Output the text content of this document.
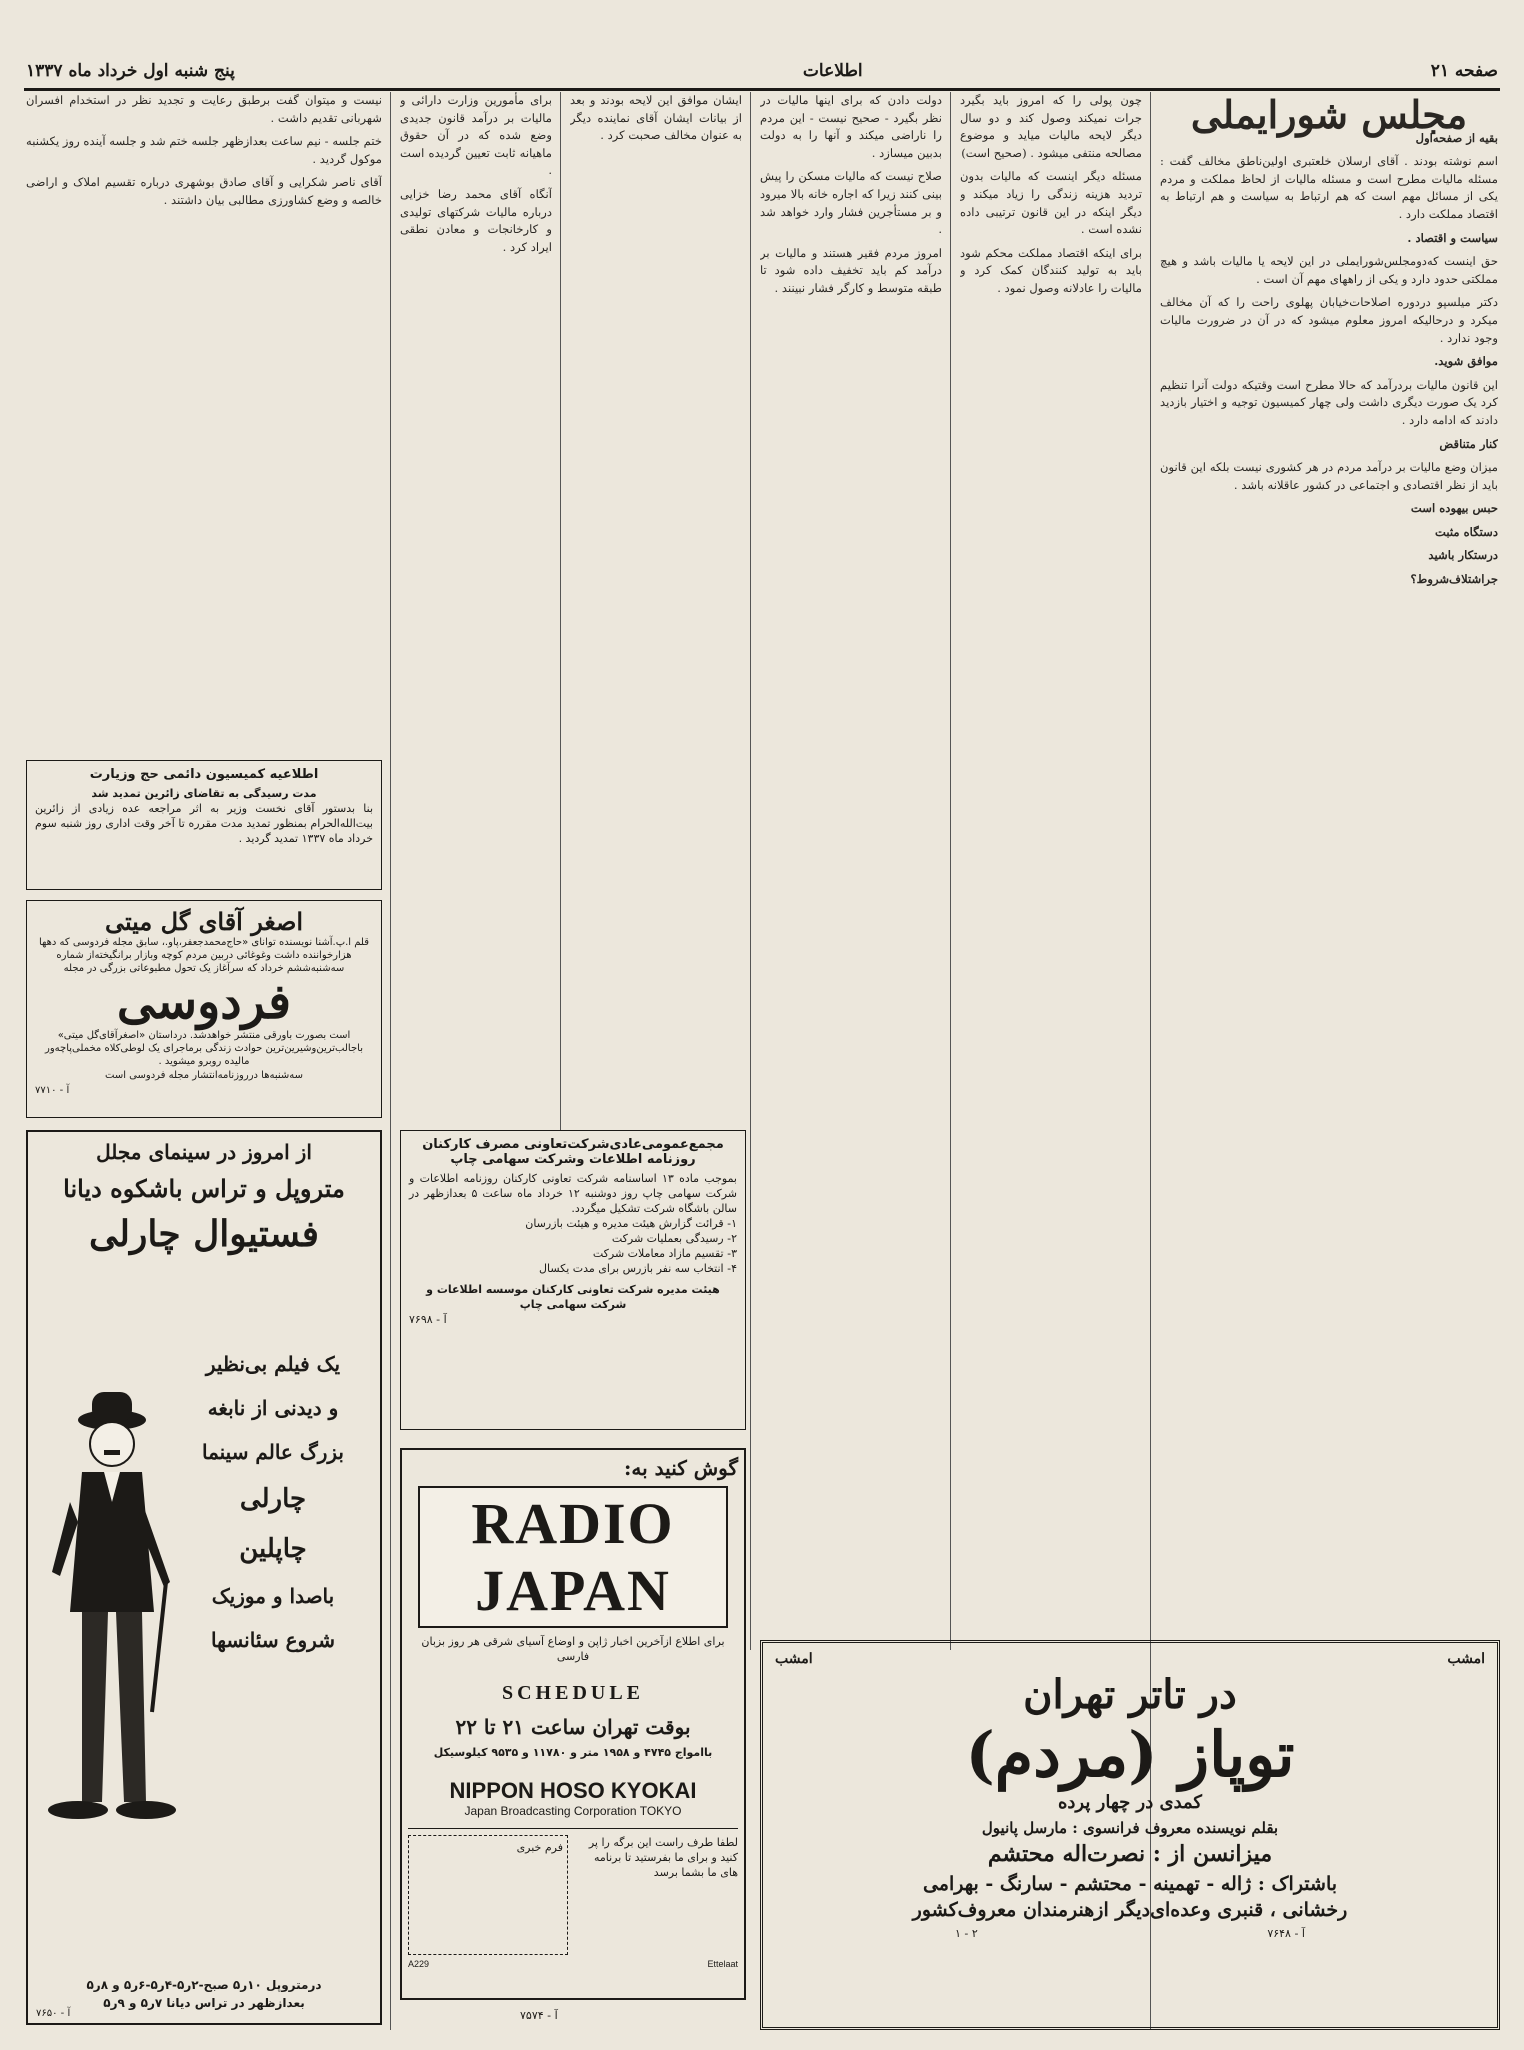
صفحه ۲۱
اطلاعات
پنج شنبه اول خرداد ماه ۱۳۳۷
مجلس شورایملی

بقیه از صفحه‌اول

اسم نوشته بودند . آقای ارسلان خلعتبری اولین‌ناطق مخالف گفت : مسئله مالیات مطرح است و مسئله مالیات از لحاظ مملکت و مردم یکی از مسائل مهم است که هم ارتباط به سیاست و هم ارتباط به اقتصاد مملکت دارد .

سیاست و اقتصاد .

حق اینست که‌دومجلس‌شورایملی در این لایحه یا مالیات باشد و هیچ مملکتی حدود دارد و یکی از راههای مهم آن است .

دکتر میلسپو دردوره اصلاحات‌خیابان پهلوی راحت را که آن مخالف میکرد و درحالیکه امروز معلوم میشود که در آن در ضرورت مالیات وجود ندارد .

موافق شوید.

این قانون مالیات بردرآمد که حالا مطرح است وقتیکه دولت آنرا تنظیم کرد یک صورت دیگری داشت ولی چهار کمیسیون توجیه و اختیار بازدید دادند که ادامه دارد .

کنار متناقض

میزان وضع مالیات بر درآمد مردم در هر کشوری نیست بلکه این قانون باید از نظر اقتصادی و اجتماعی در کشور عاقلانه باشد .

حبس بیهوده است

دستگاه مثبت

درستکار باشید

جراشتلاف‌شروط؟

چون پولی را که امروز باید بگیرد جرات نمیکند وصول کند و دو سال دیگر لایحه مالیات میاید و موضوع مصالحه منتفی میشود . (صحیح است)

مسئله دیگر اینست که مالیات بدون تردید هزینه زندگی را زیاد میکند و دیگر اینکه در این قانون ترتیبی داده نشده است .

برای اینکه اقتصاد مملکت محکم شود باید به تولید کنندگان کمک کرد و مالیات را عادلانه وصول نمود .

دولت دادن که برای اینها مالیات در نظر بگیرد - صحیح نیست - این مردم را ناراضی میکند و آنها را به دولت بدبین میسازد .

صلاح نیست که مالیات مسکن را پیش بینی کنند زیرا که اجاره خانه بالا میرود و بر مستأجرین فشار وارد خواهد شد .

امروز مردم فقیر هستند و مالیات بر درآمد کم باید تخفیف داده شود تا طبقه متوسط و کارگر فشار نبینند .

ایشان موافق این لایحه بودند و بعد از بیانات ایشان آقای نماینده دیگر به عنوان مخالف صحبت کرد .

برای مأمورین وزارت دارائی و مالیات بر درآمد قانون جدیدی وضع شده که در آن حقوق ماهیانه ثابت تعیین گردیده است .

آنگاه آقای محمد رضا خزایی درباره مالیات شرکتهای تولیدی و کارخانجات و معادن نطقی ایراد کرد .

نیست و میتوان گفت برطبق رعایت و تجدید نظر در استخدام افسران شهربانی تقدیم داشت .

ختم جلسه - نیم ساعت بعدازظهر جلسه ختم شد و جلسه آینده روز یکشنبه موکول گردید .

آقای ناصر شکرایی و آقای صادق بوشهری درباره تقسیم املاک و اراضی خالصه و وضع کشاورزی مطالبی بیان داشتند .

اطلاعیه کمیسیون دائمی حج وزیارت
مدت رسیدگی به تقاضای زائرین تمدید شد
بنا بدستور آقای نخست وزیر به اثر مراجعه عده زیادی از زائرین بیت‌الله‌الحرام بمنظور تمدید مدت مقرره تا آخر وقت اداری روز شنبه سوم خرداد ماه ۱۳۳۷ تمدید گردید .
اصغر آقای گل میتی
قلم ا.پ.آشنا نویسنده توانای «حاج‌محمدجعفر،پاو.، سابق مجله فردوسی که دهها هزارخواننده داشت وغوغائی دربین مردم کوچه وبازار برانگیخته‌از شماره سه‌شنبه‌ششم خرداد که سرآغاز یک تحول مطبوعاتی بزرگی در مجله
فردوسی
است بصورت باورقی منتشر خواهدشد. درداستان «اصغرآقای‌گل میتی» باجالب‌ترین‌وشیرین‌ترین حوادث زندگی برماجرای یک لوطی‌کلاه مخملی‌پاچه‌ور مالیده روبرو میشوید .
سه‌شنبه‌ها درروزنامه‌انتشار مجله فردوسی است
آ - ۷۷۱۰
از امروز در سینمای مجلل
متروپل و تراس باشکوه دیانا
فستیوال چارلی
یک فیلم بی‌نظیر
و دیدنی از نابغه
بزرگ عالم سینما
چارلی
چاپلین
باصدا و موزیک
شروع سئانسها
درمتروپل ۱۰ر۵ صبح-۲ر۵-۴ر۵-۶ر۵ و ۸ر۵
بعدازظهر در تراس دیانا ۷ر۵ و ۹ر۵
آ - ۷۶۵۰
مجمع‌عمومی‌عادی‌شرکت‌تعاونی مصرف کارکنان روزنامه اطلاعات وشرکت سهامی چاپ
بموجب ماده ۱۳ اساسنامه شرکت تعاونی کارکنان روزنامه اطلاعات و شرکت سهامی چاپ روز دوشنبه ۱۲ خرداد ماه ساعت ۵ بعدازظهر در سالن باشگاه شرکت تشکیل میگردد.
۱- قرائت گزارش هیئت مدیره و هیئت بازرسان
۲- رسیدگی بعملیات شرکت
۳- تقسیم مازاد معاملات شرکت
۴- انتخاب سه نفر بازرس برای مدت یکسال
هیئت مدیره شرکت تعاونی کارکنان موسسه اطلاعات و شرکت سهامی چاپ
آ - ۷۶۹۸
گوش کنید به:
RADIO JAPAN
برای اطلاع ازآخرین اخبار ژاپن و اوضاع آسیای شرقی هر روز بزبان فارسی
SCHEDULE
بوقت تهران ساعت ۲۱ تا ۲۲
باامواج ۴۷۴۵ و ۱۹۵۸ متر و ۱۱۷۸۰ و ۹۵۳۵ کیلوسیکل
NIPPON HOSO KYOKAI
Japan Broadcasting Corporation TOKYO
فرم خبری	لطفا طرف راست این برگه را پر کنید و برای ما بفرستید تا برنامه های ما بشما برسد
A229	Ettelaat
آ - ۷۵۷۴
امشب	امشب
در تاتر تهران
توپاز (مردم)
کمدی در چهار پرده
بقلم نویسنده معروف فرانسوی : مارسل پانیول
میزانسن از : نصرت‌اله محتشم
باشتراک : ژاله - تهمینه - محتشم - سارنگ - بهرامی
رخشانی ، قنبری وعده‌ای‌دیگر ازهنرمندان معروف‌کشور
۱ - ۲	آ - ۷۶۴۸
